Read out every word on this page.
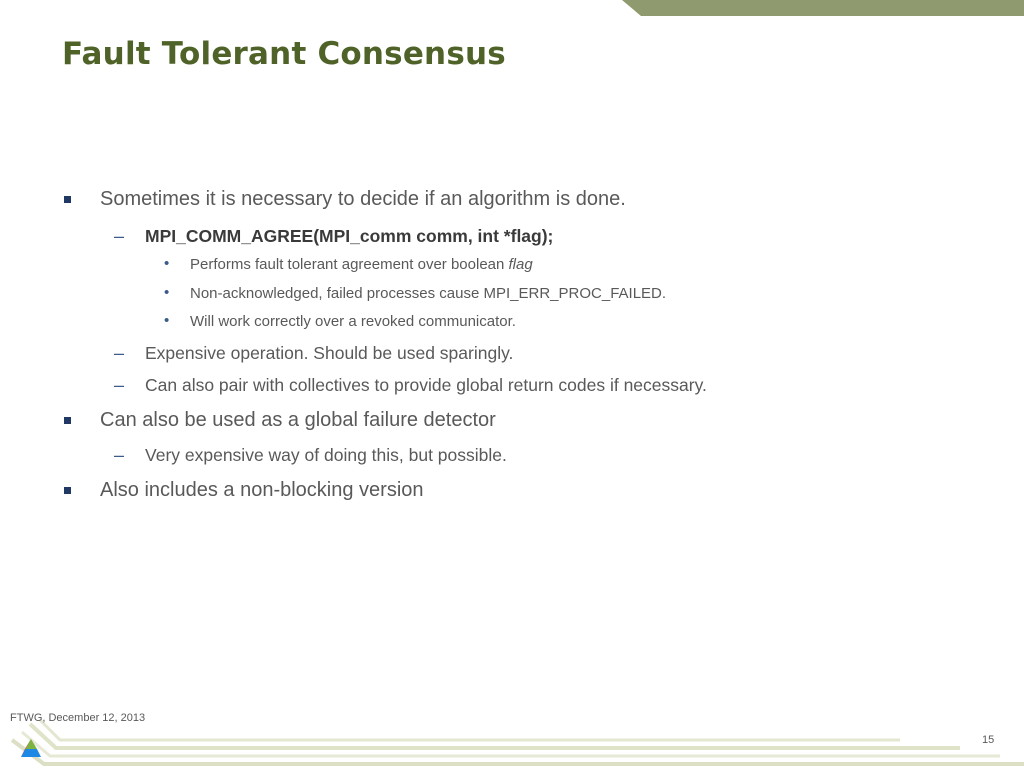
Fault Tolerant Consensus
Sometimes it is necessary to decide if an algorithm is done.
– MPI_COMM_AGREE(MPI_comm comm, int *flag);
• Performs fault tolerant agreement over boolean flag
• Non-acknowledged, failed processes cause MPI_ERR_PROC_FAILED.
• Will work correctly over a revoked communicator.
– Expensive operation. Should be used sparingly.
– Can also pair with collectives to provide global return codes if necessary.
Can also be used as a global failure detector
– Very expensive way of doing this, but possible.
Also includes a non-blocking version
FTWG, December 12, 2013
15
